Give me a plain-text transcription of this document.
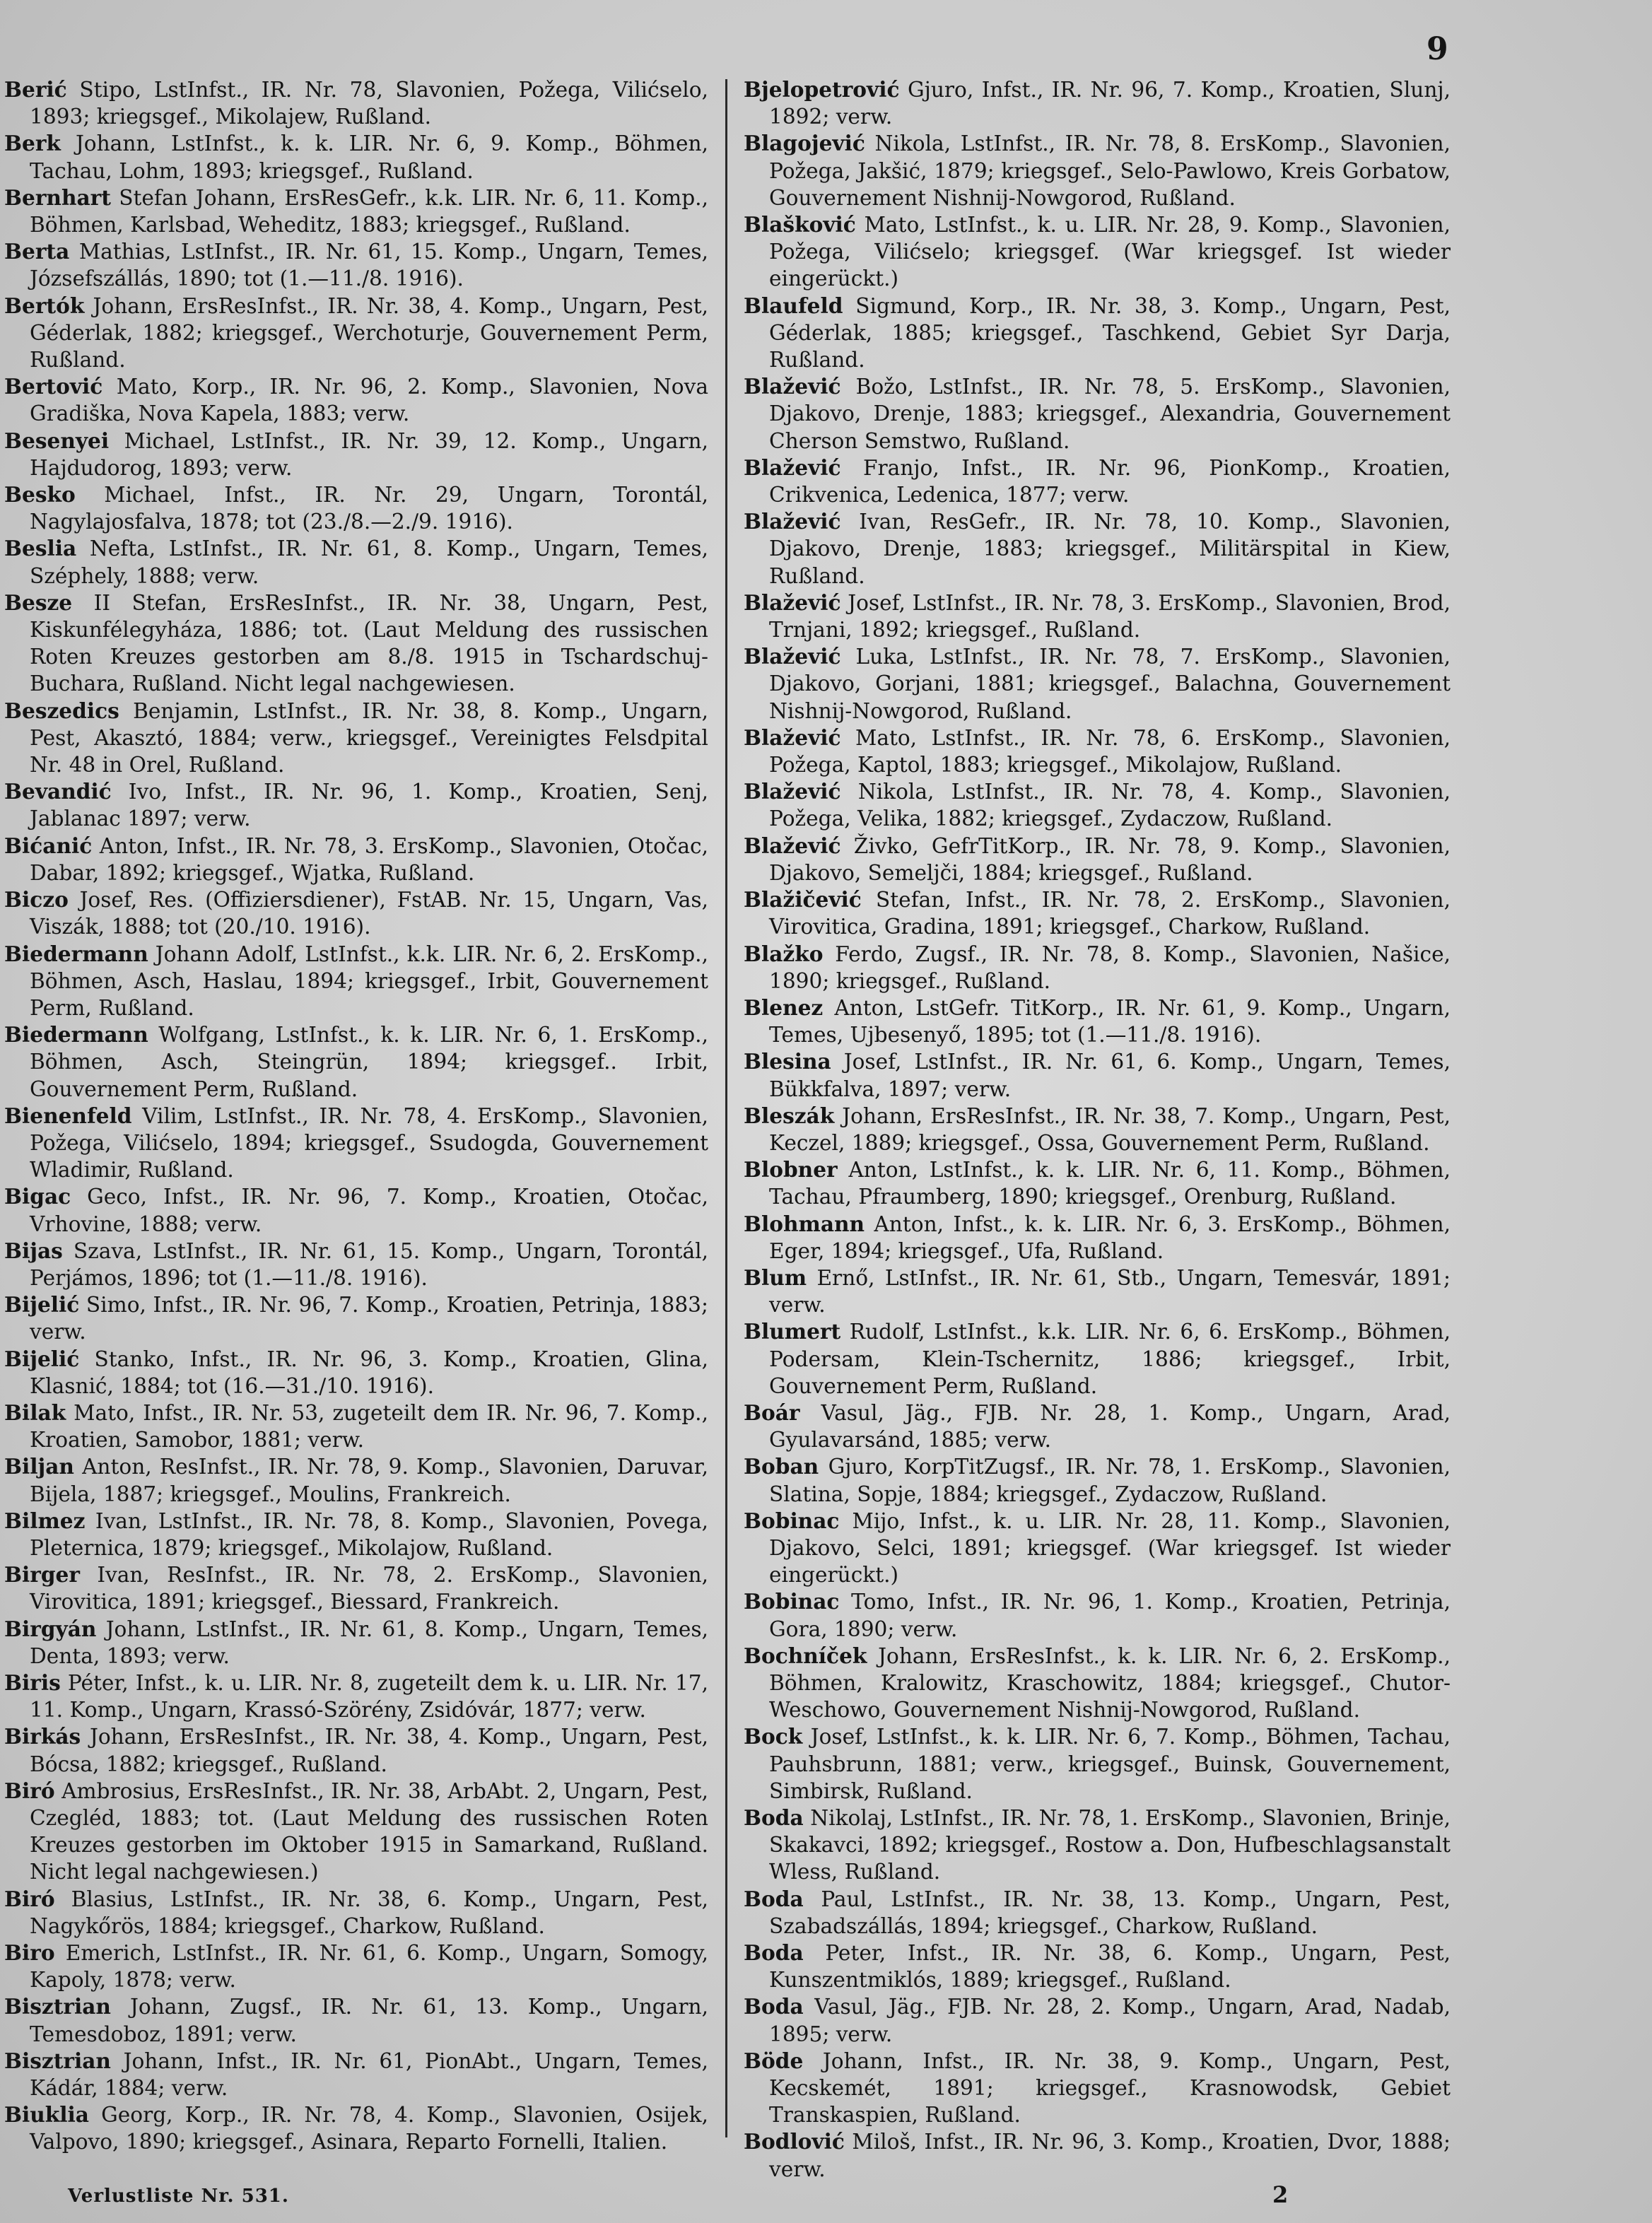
9
Berić Stipo, LstInfst., IR. Nr. 78, Slavonien, Požega, Vilićselo, 1893; kriegsgef., Mikolajew, Rußland.
Berk Johann, LstInfst., k. k. LIR. Nr. 6, 9. Komp., Böhmen, Tachau, Lohm, 1893; kriegsgef., Rußland.
Bernhart Stefan Johann, ErsResGefr., k.k. LIR. Nr. 6, 11. Komp., Böhmen, Karlsbad, Weheditz, 1883; kriegsgef., Rußland.
Berta Mathias, LstInfst., IR. Nr. 61, 15. Komp., Ungarn, Temes, Józsefszállás, 1890; tot (1.—11./8. 1916).
Bertók Johann, ErsResInfst., IR. Nr. 38, 4. Komp., Ungarn, Pest, Géderlak, 1882; kriegsgef., Werchoturje, Gouvernement Perm, Rußland.
Bertović Mato, Korp., IR. Nr. 96, 2. Komp., Slavonien, Nova Gradiška, Nova Kapela, 1883; verw.
Besenyei Michael, LstInfst., IR. Nr. 39, 12. Komp., Ungarn, Hajdudorog, 1893; verw.
Besko Michael, Infst., IR. Nr. 29, Ungarn, Torontál, Nagylajosfalva, 1878; tot (23./8.—2./9. 1916).
Beslia Nefta, LstInfst., IR. Nr. 61, 8. Komp., Ungarn, Temes, Széphely, 1888; verw.
Besze II Stefan, ErsResInfst., IR. Nr. 38, Ungarn, Pest, Kiskunfélegyháza, 1886; tot. (Laut Meldung des russischen Roten Kreuzes gestorben am 8./8. 1915 in Tschardschuj-Buchara, Rußland. Nicht legal nachgewiesen.
Beszedics Benjamin, LstInfst., IR. Nr. 38, 8. Komp., Ungarn, Pest, Akasztó, 1884; verw., kriegsgef., Vereinigtes Felsdpital Nr. 48 in Orel, Rußland.
Bevandić Ivo, Infst., IR. Nr. 96, 1. Komp., Kroatien, Senj, Jablanac 1897; verw.
Bićanić Anton, Infst., IR. Nr. 78, 3. ErsKomp., Slavonien, Otočac, Dabar, 1892; kriegsgef., Wjatka, Rußland.
Biczo Josef, Res. (Offiziersdiener), FstAB. Nr. 15, Ungarn, Vas, Viszák, 1888; tot (20./10. 1916).
Biedermann Johann Adolf, LstInfst., k.k. LIR. Nr. 6, 2. ErsKomp., Böhmen, Asch, Haslau, 1894; kriegsgef., Irbit, Gouvernement Perm, Rußland.
Biedermann Wolfgang, LstInfst., k. k. LIR. Nr. 6, 1. ErsKomp., Böhmen, Asch, Steingrün, 1894; kriegsgef.. Irbit, Gouvernement Perm, Rußland.
Bienenfeld Vilim, LstInfst., IR. Nr. 78, 4. ErsKomp., Slavonien, Požega, Vilićselo, 1894; kriegsgef., Ssudogda, Gouvernement Wladimir, Rußland.
Bigac Geco, Infst., IR. Nr. 96, 7. Komp., Kroatien, Otočac, Vrhovine, 1888; verw.
Bijas Szava, LstInfst., IR. Nr. 61, 15. Komp., Ungarn, Torontál, Perjámos, 1896; tot (1.—11./8. 1916).
Bijelić Simo, Infst., IR. Nr. 96, 7. Komp., Kroatien, Petrinja, 1883; verw.
Bijelić Stanko, Infst., IR. Nr. 96, 3. Komp., Kroatien, Glina, Klasnić, 1884; tot (16.—31./10. 1916).
Bilak Mato, Infst., IR. Nr. 53, zugeteilt dem IR. Nr. 96, 7. Komp., Kroatien, Samobor, 1881; verw.
Biljan Anton, ResInfst., IR. Nr. 78, 9. Komp., Slavonien, Daruvar, Bijela, 1887; kriegsgef., Moulins, Frankreich.
Bilmez Ivan, LstInfst., IR. Nr. 78, 8. Komp., Slavonien, Povega, Pleternica, 1879; kriegsgef., Mikolajow, Rußland.
Birger Ivan, ResInfst., IR. Nr. 78, 2. ErsKomp., Slavonien, Virovitica, 1891; kriegsgef., Biessard, Frankreich.
Birgyán Johann, LstInfst., IR. Nr. 61, 8. Komp., Ungarn, Temes, Denta, 1893; verw.
Biris Péter, Infst., k. u. LIR. Nr. 8, zugeteilt dem k. u. LIR. Nr. 17, 11. Komp., Ungarn, Krassó-Szörény, Zsidóvár, 1877; verw.
Birkás Johann, ErsResInfst., IR. Nr. 38, 4. Komp., Ungarn, Pest, Bócsa, 1882; kriegsgef., Rußland.
Biró Ambrosius, ErsResInfst., IR. Nr. 38, ArbAbt. 2, Ungarn, Pest, Czegléd, 1883; tot. (Laut Meldung des russischen Roten Kreuzes gestorben im Oktober 1915 in Samarkand, Rußland. Nicht legal nachgewiesen.)
Biró Blasius, LstInfst., IR. Nr. 38, 6. Komp., Ungarn, Pest, Nagykőrös, 1884; kriegsgef., Charkow, Rußland.
Biro Emerich, LstInfst., IR. Nr. 61, 6. Komp., Ungarn, Somogy, Kapoly, 1878; verw.
Bisztrian Johann, Zugsf., IR. Nr. 61, 13. Komp., Ungarn, Temesdoboz, 1891; verw.
Bisztrian Johann, Infst., IR. Nr. 61, PionAbt., Ungarn, Temes, Kádár, 1884; verw.
Biuklia Georg, Korp., IR. Nr. 78, 4. Komp., Slavonien, Osijek, Valpovo, 1890; kriegsgef., Asinara, Reparto Fornelli, Italien.
Bjelopetrović Gjuro, Infst., IR. Nr. 96, 7. Komp., Kroatien, Slunj, 1892; verw.
Blagojević Nikola, LstInfst., IR. Nr. 78, 8. ErsKomp., Slavonien, Požega, Jakšić, 1879; kriegsgef., Selo-Pawlowo, Kreis Gorbatow, Gouvernement Nishnij-Nowgorod, Rußland.
Blašković Mato, LstInfst., k. u. LIR. Nr. 28, 9. Komp., Slavonien, Požega, Vilićselo; kriegsgef. (War kriegsgef. Ist wieder eingerückt.)
Blaufeld Sigmund, Korp., IR. Nr. 38, 3. Komp., Ungarn, Pest, Géderlak, 1885; kriegsgef., Taschkend, Gebiet Syr Darja, Rußland.
Blažević Božo, LstInfst., IR. Nr. 78, 5. ErsKomp., Slavonien, Djakovo, Drenje, 1883; kriegsgef., Alexandria, Gouvernement Cherson Semstwo, Rußland.
Blažević Franjo, Infst., IR. Nr. 96, PionKomp., Kroatien, Crikvenica, Ledenica, 1877; verw.
Blažević Ivan, ResGefr., IR. Nr. 78, 10. Komp., Slavonien, Djakovo, Drenje, 1883; kriegsgef., Militärspital in Kiew, Rußland.
Blažević Josef, LstInfst., IR. Nr. 78, 3. ErsKomp., Slavonien, Brod, Trnjani, 1892; kriegsgef., Rußland.
Blažević Luka, LstInfst., IR. Nr. 78, 7. ErsKomp., Slavonien, Djakovo, Gorjani, 1881; kriegsgef., Balachna, Gouvernement Nishnij-Nowgorod, Rußland.
Blažević Mato, LstInfst., IR. Nr. 78, 6. ErsKomp., Slavonien, Požega, Kaptol, 1883; kriegsgef., Mikolajow, Rußland.
Blažević Nikola, LstInfst., IR. Nr. 78, 4. Komp., Slavonien, Požega, Velika, 1882; kriegsgef., Zydaczow, Rußland.
Blažević Živko, GefrTitKorp., IR. Nr. 78, 9. Komp., Slavonien, Djakovo, Semeljči, 1884; kriegsgef., Rußland.
Blažičević Stefan, Infst., IR. Nr. 78, 2. ErsKomp., Slavonien, Virovitica, Gradina, 1891; kriegsgef., Charkow, Rußland.
Blažko Ferdo, Zugsf., IR. Nr. 78, 8. Komp., Slavonien, Našice, 1890; kriegsgef., Rußland.
Blenez Anton, LstGefr. TitKorp., IR. Nr. 61, 9. Komp., Ungarn, Temes, Ujbesenyő, 1895; tot (1.—11./8. 1916).
Blesina Josef, LstInfst., IR. Nr. 61, 6. Komp., Ungarn, Temes, Bükkfalva, 1897; verw.
Bleszák Johann, ErsResInfst., IR. Nr. 38, 7. Komp., Ungarn, Pest, Keczel, 1889; kriegsgef., Ossa, Gouvernement Perm, Rußland.
Blobner Anton, LstInfst., k. k. LIR. Nr. 6, 11. Komp., Böhmen, Tachau, Pfraumberg, 1890; kriegsgef., Orenburg, Rußland.
Blohmann Anton, Infst., k. k. LIR. Nr. 6, 3. ErsKomp., Böhmen, Eger, 1894; kriegsgef., Ufa, Rußland.
Blum Ernő, LstInfst., IR. Nr. 61, Stb., Ungarn, Temesvár, 1891; verw.
Blumert Rudolf, LstInfst., k.k. LIR. Nr. 6, 6. ErsKomp., Böhmen, Podersam, Klein-Tschernitz, 1886; kriegsgef., Irbit, Gouvernement Perm, Rußland.
Boár Vasul, Jäg., FJB. Nr. 28, 1. Komp., Ungarn, Arad, Gyulavarsánd, 1885; verw.
Boban Gjuro, KorpTitZugsf., IR. Nr. 78, 1. ErsKomp., Slavonien, Slatina, Sopje, 1884; kriegsgef., Zydaczow, Rußland.
Bobinac Mijo, Infst., k. u. LIR. Nr. 28, 11. Komp., Slavonien, Djakovo, Selci, 1891; kriegsgef. (War kriegsgef. Ist wieder eingerückt.)
Bobinac Tomo, Infst., IR. Nr. 96, 1. Komp., Kroatien, Petrinja, Gora, 1890; verw.
Bochníček Johann, ErsResInfst., k. k. LIR. Nr. 6, 2. ErsKomp., Böhmen, Kralowitz, Kraschowitz, 1884; kriegsgef., Chutor-Weschowo, Gouvernement Nishnij-Nowgorod, Rußland.
Bock Josef, LstInfst., k. k. LIR. Nr. 6, 7. Komp., Böhmen, Tachau, Pauhsbrunn, 1881; verw., kriegsgef., Buinsk, Gouvernement, Simbirsk, Rußland.
Boda Nikolaj, LstInfst., IR. Nr. 78, 1. ErsKomp., Slavonien, Brinje, Skakavci, 1892; kriegsgef., Rostow a. Don, Hufbeschlagsanstalt Wless, Rußland.
Boda Paul, LstInfst., IR. Nr. 38, 13. Komp., Ungarn, Pest, Szabadszállás, 1894; kriegsgef., Charkow, Rußland.
Boda Peter, Infst., IR. Nr. 38, 6. Komp., Ungarn, Pest, Kunszentmiklós, 1889; kriegsgef., Rußland.
Boda Vasul, Jäg., FJB. Nr. 28, 2. Komp., Ungarn, Arad, Nadab, 1895; verw.
Böde Johann, Infst., IR. Nr. 38, 9. Komp., Ungarn, Pest, Kecskemét, 1891; kriegsgef., Krasnowodsk, Gebiet Transkaspien, Rußland.
Bodlović Miloš, Infst., IR. Nr. 96, 3. Komp., Kroatien, Dvor, 1888; verw.
Verlustliste Nr. 531.	2
